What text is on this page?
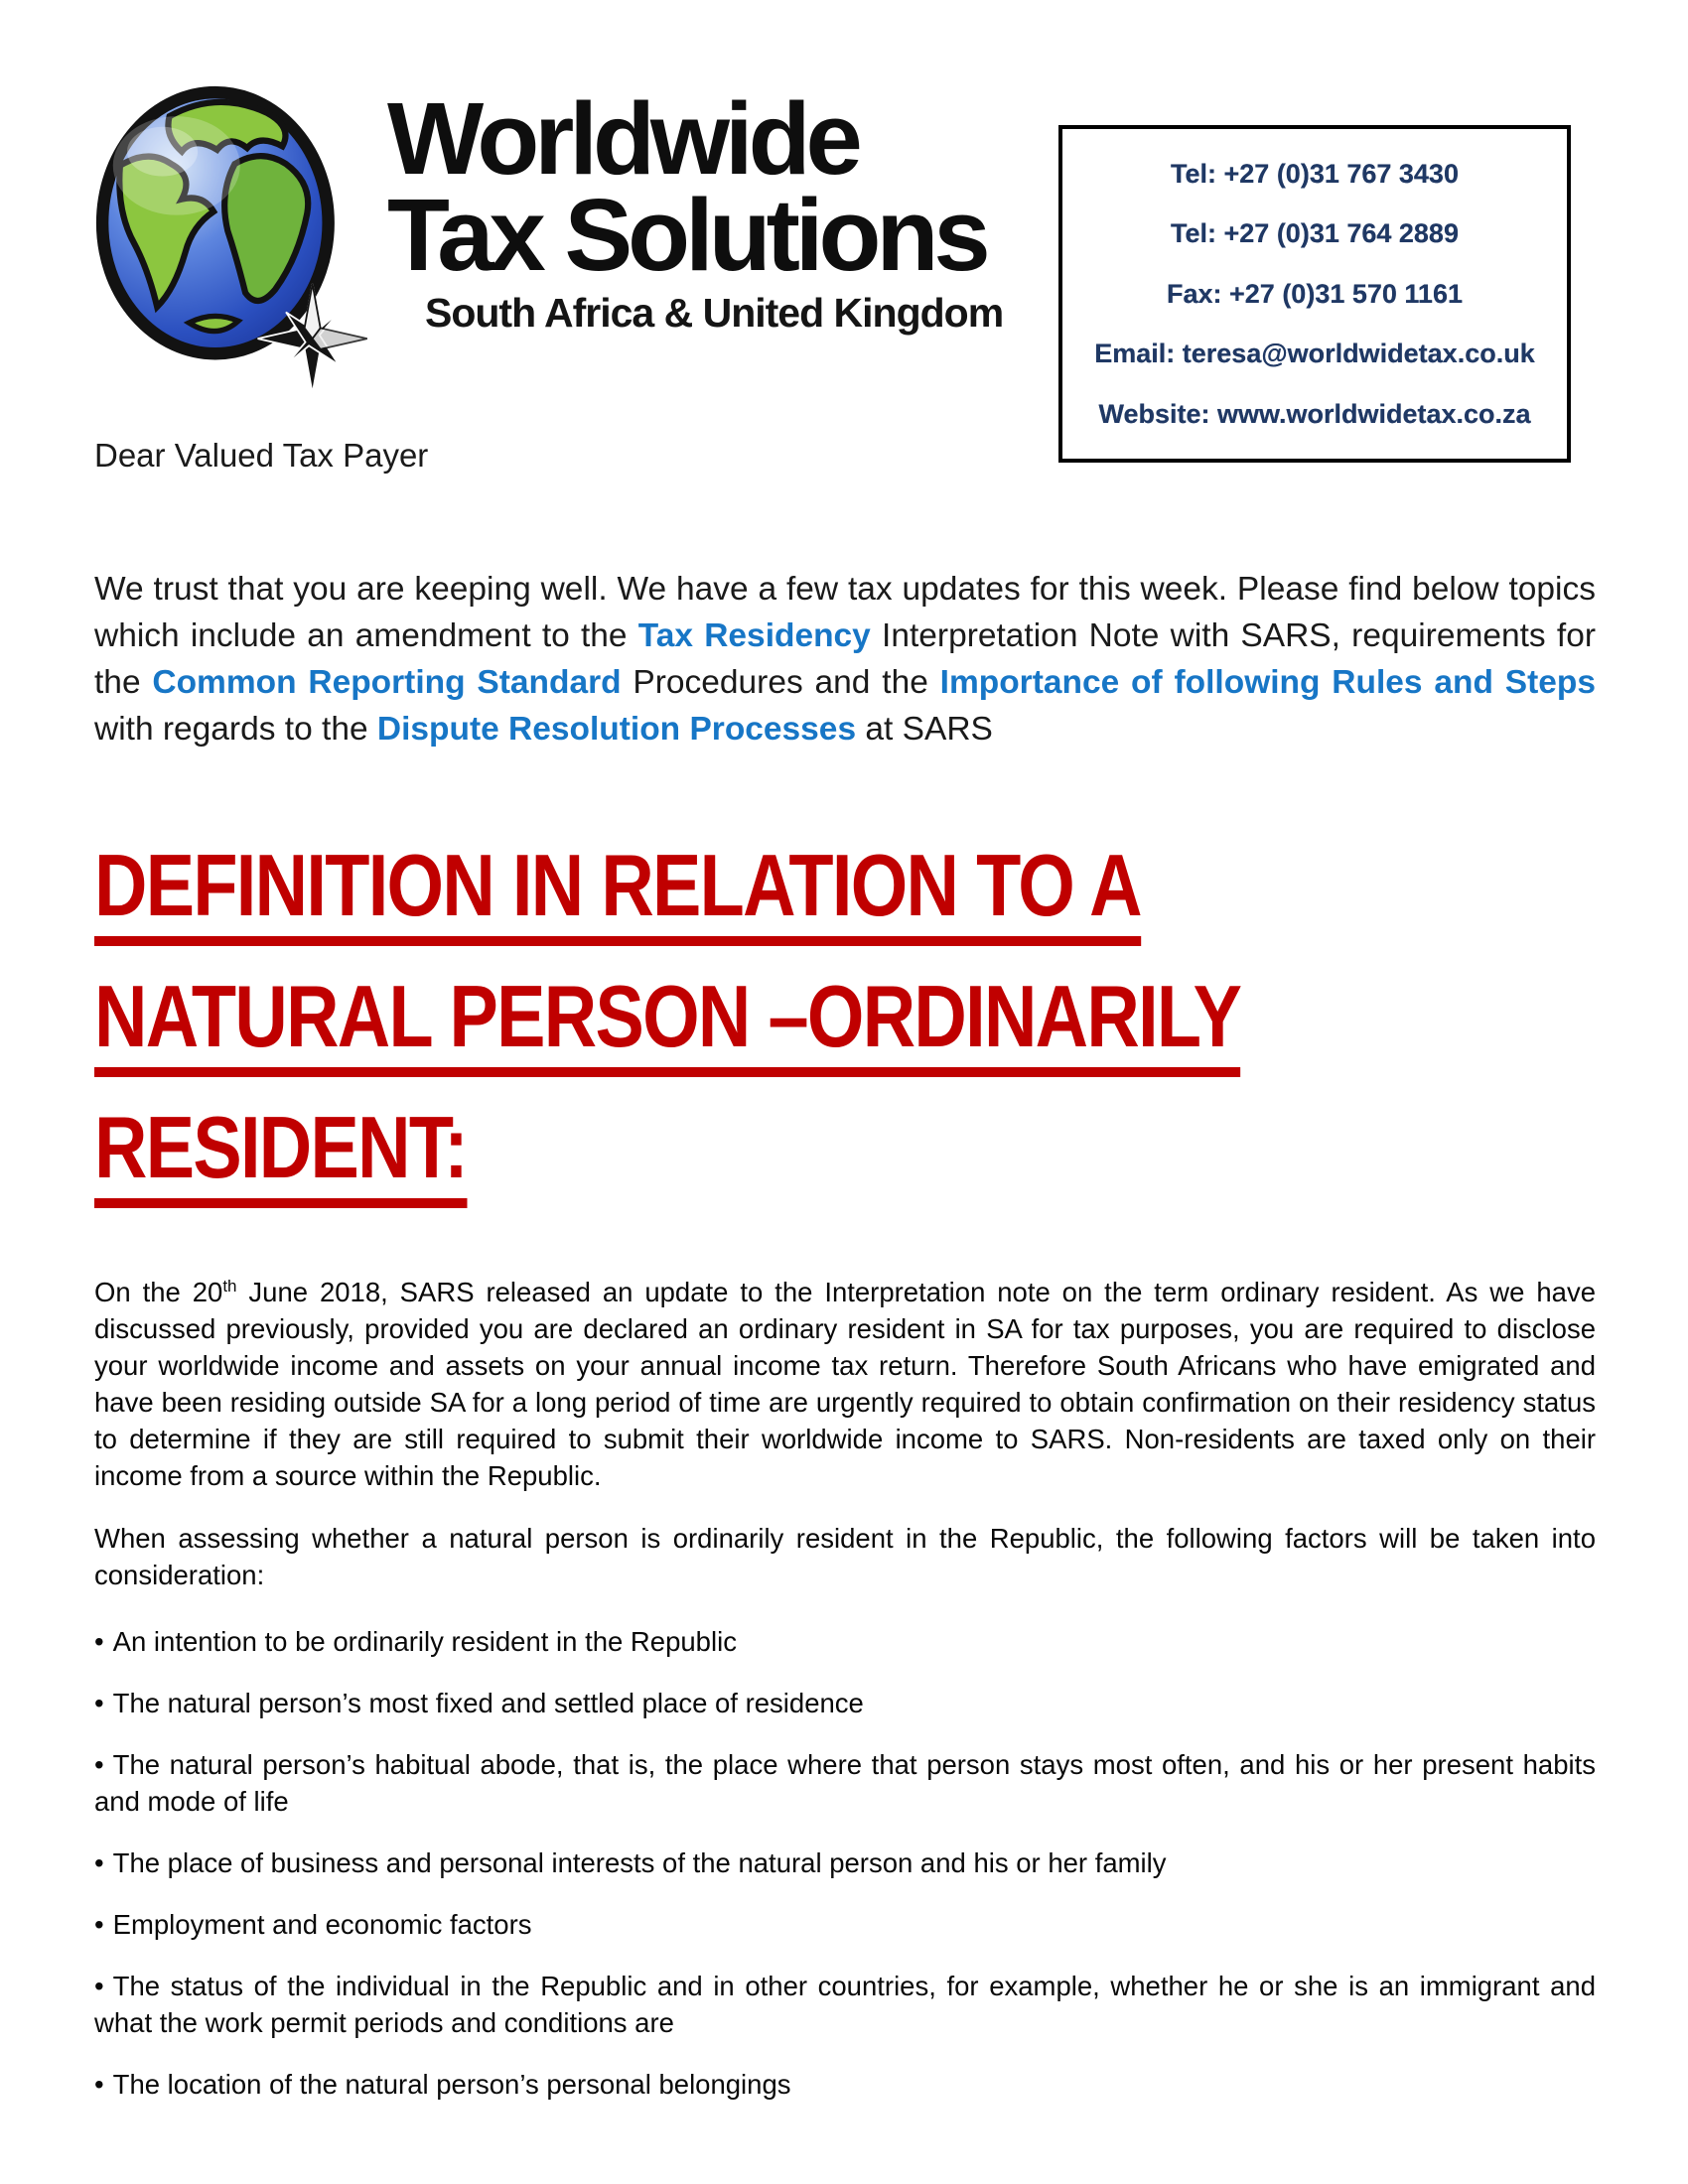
Worldwide
Tax Solutions
South Africa & United Kingdom
Tel: +27 (0)31 767 3430
Tel: +27 (0)31 764 2889
Fax: +27 (0)31 570 1161
Email: teresa@worldwidetax.co.uk
Website: www.worldwidetax.co.za
Dear Valued Tax Payer

We trust that you are keeping well. We have a few tax updates for this week. Please find below topics which include an amendment to the Tax Residency Interpretation Note with SARS, requirements for the Common Reporting Standard Procedures and the Importance of following Rules and Steps with regards to the Dispute Resolution Processes at SARS

DEFINITION IN RELATION TO A
NATURAL PERSON –ORDINARILY
RESIDENT:

On the 20th June 2018, SARS released an update to the Interpretation note on the term ordinary resident. As we have discussed previously, provided you are declared an ordinary resident in SA for tax purposes, you are required to disclose your worldwide income and assets on your annual income tax return. Therefore South Africans who have emigrated and have been residing outside SA for a long period of time are urgently required to obtain confirmation on their residency status to determine if they are still required to submit their worldwide income to SARS. Non-residents are taxed only on their income from a source within the Republic.

When assessing whether a natural person is ordinarily resident in the Republic, the following factors will be taken into consideration:

• An intention to be ordinarily resident in the Republic

• The natural person’s most fixed and settled place of residence

• The natural person’s habitual abode, that is, the place where that person stays most often, and his or her present habits and mode of life

• The place of business and personal interests of the natural person and his or her family

• Employment and economic factors

• The status of the individual in the Republic and in other countries, for example, whether he or she is an immigrant and what the work permit periods and conditions are

• The location of the natural person’s personal belongings
